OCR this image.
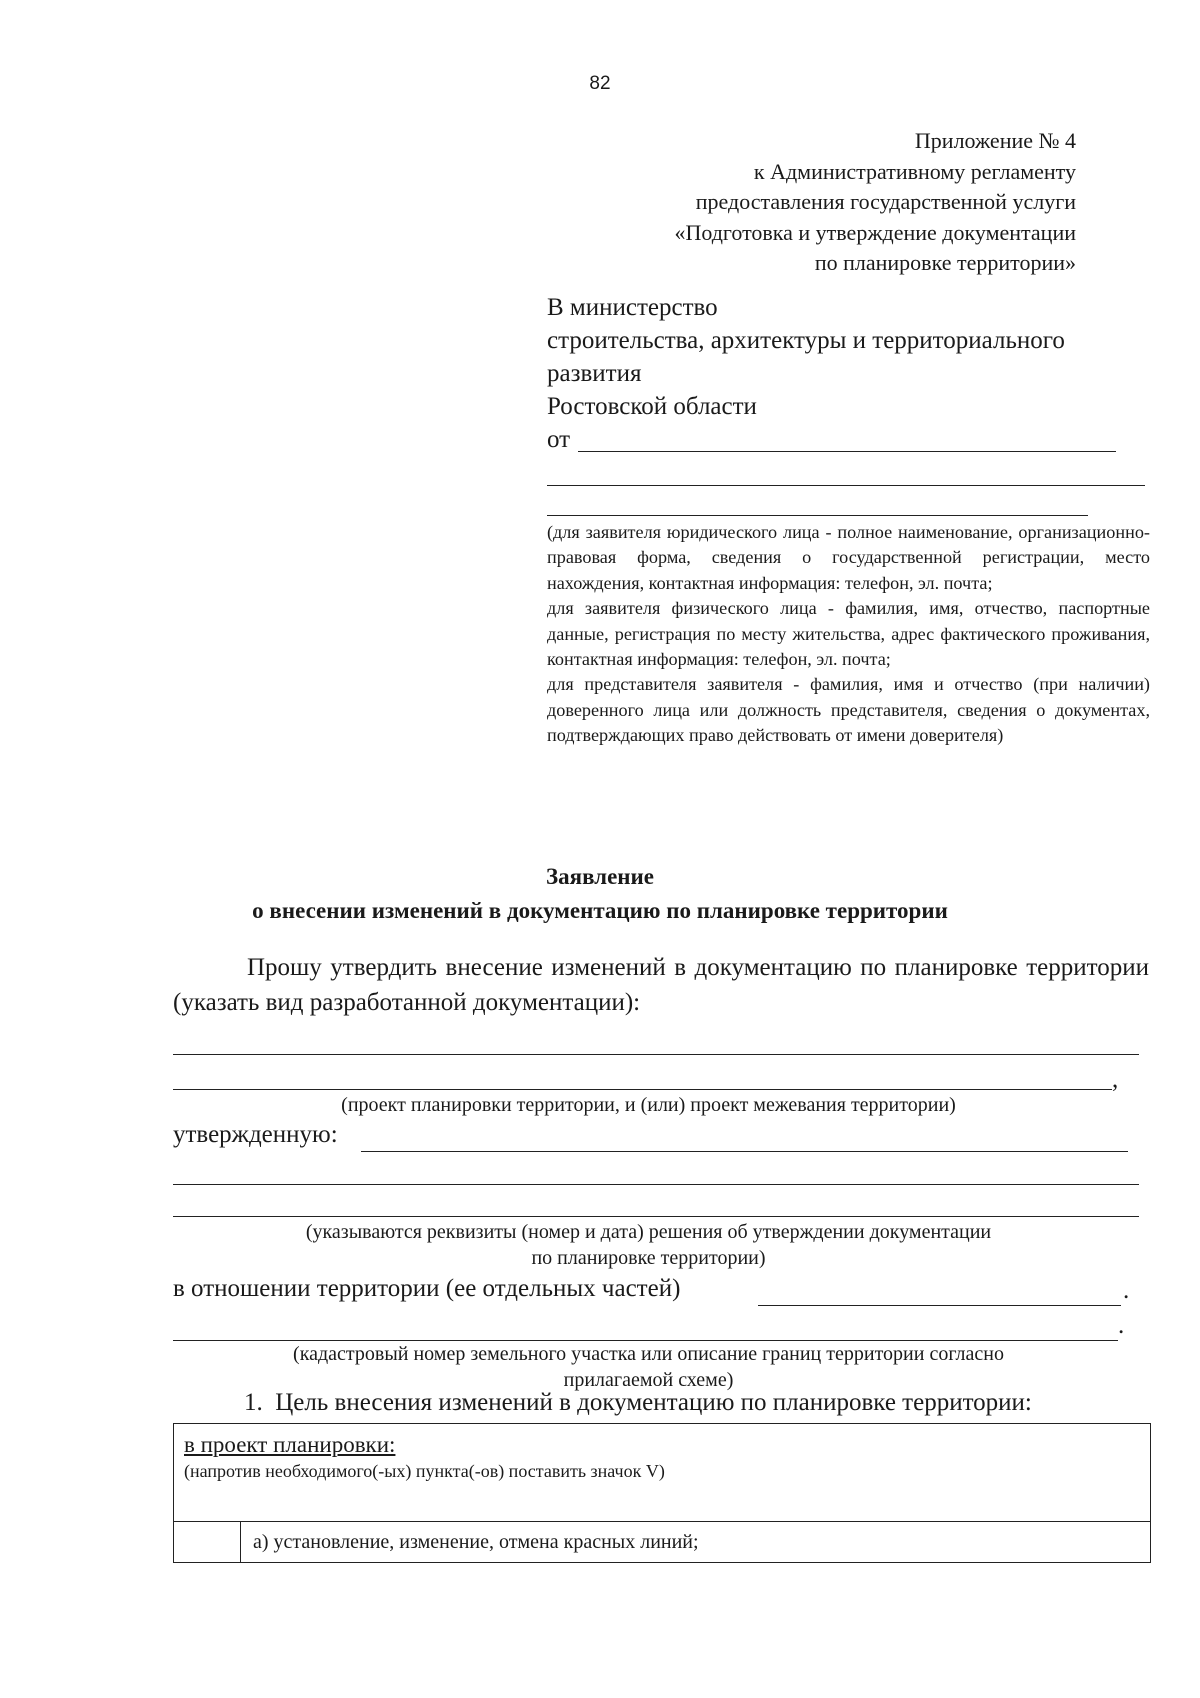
82
Приложение № 4
к Административному регламенту
предоставления государственной услуги
«Подготовка и утверждение документации
по планировке территории»
В министерство
строительства, архитектуры и территориального
развития
Ростовской области
от

(для заявителя юридического лица - полное наименование, организационно-правовая форма, сведения о государственной регистрации, место нахождения, контактная информация: телефон, эл. почта;

для заявителя физического лица - фамилия, имя, отчество, паспортные данные, регистрация по месту жительства, адрес фактического проживания, контактная информация: телефон, эл. почта;

для представителя заявителя - фамилия, имя и отчество (при наличии) доверенного лица или должность представителя, сведения о документах, подтверждающих право действовать от имени доверителя)

Заявление
о внесении изменений в документацию по планировке территории
Прошу утвердить внесение изменений в документацию по планировке территории (указать вид разработанной документации):
,
(проект планировки территории, и (или) проект межевания территории)
утвержденную:
(указываются реквизиты (номер и дата) решения об утверждении документации
по планировке территории)
в отношении территории (ее отдельных частей)	.
.
(кадастровый номер земельного участка или описание границ территории согласно
прилагаемой схеме)
1. Цель внесения изменений в документацию по планировке территории:
в проект планировки:
(напротив необходимого(-ых) пункта(-ов) поставить значок V)

	а) установление, изменение, отмена красных линий;
